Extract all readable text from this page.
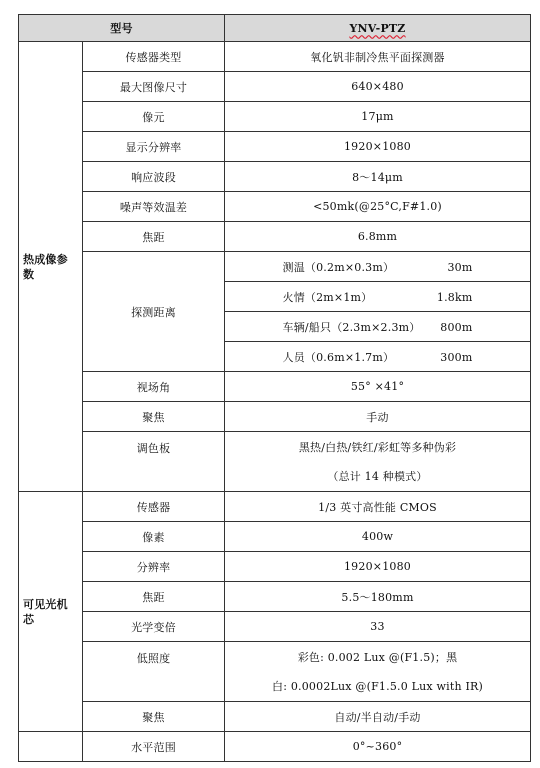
型号		YNV-PTZ
热成像参数	传感器类型	氧化钒非制冷焦平面探测器
	最大图像尺寸	640×480
	像元	17μm
	显示分辨率	1920×1080
	响应波段	8～14μm
	噪声等效温差	<50mk(@25°C,F#1.0)
	焦距	6.8mm
	探测距离	测温（0.2m×0.3m） 30m
		火情（2m×1m） 1.8km
		车辆/船只（2.3m×2.3m） 800m
		人员（0.6m×1.7m） 300m
	视场角	55° ×41°
	聚焦	手动
	调色板	黑热/白热/铁红/彩虹等多种伪彩
		（总计 14 种模式）
可见光机芯	传感器	1/3 英寸高性能 CMOS
	像素	400w
	分辨率	1920×1080
	焦距	5.5～180mm
	光学变倍	33
	低照度	彩色: 0.002 Lux @(F1.5)；黑
		白: 0.0002Lux @(F1.5.0 Lux with IR)
	聚焦	自动/半自动/手动
	水平范围	0°~360°
